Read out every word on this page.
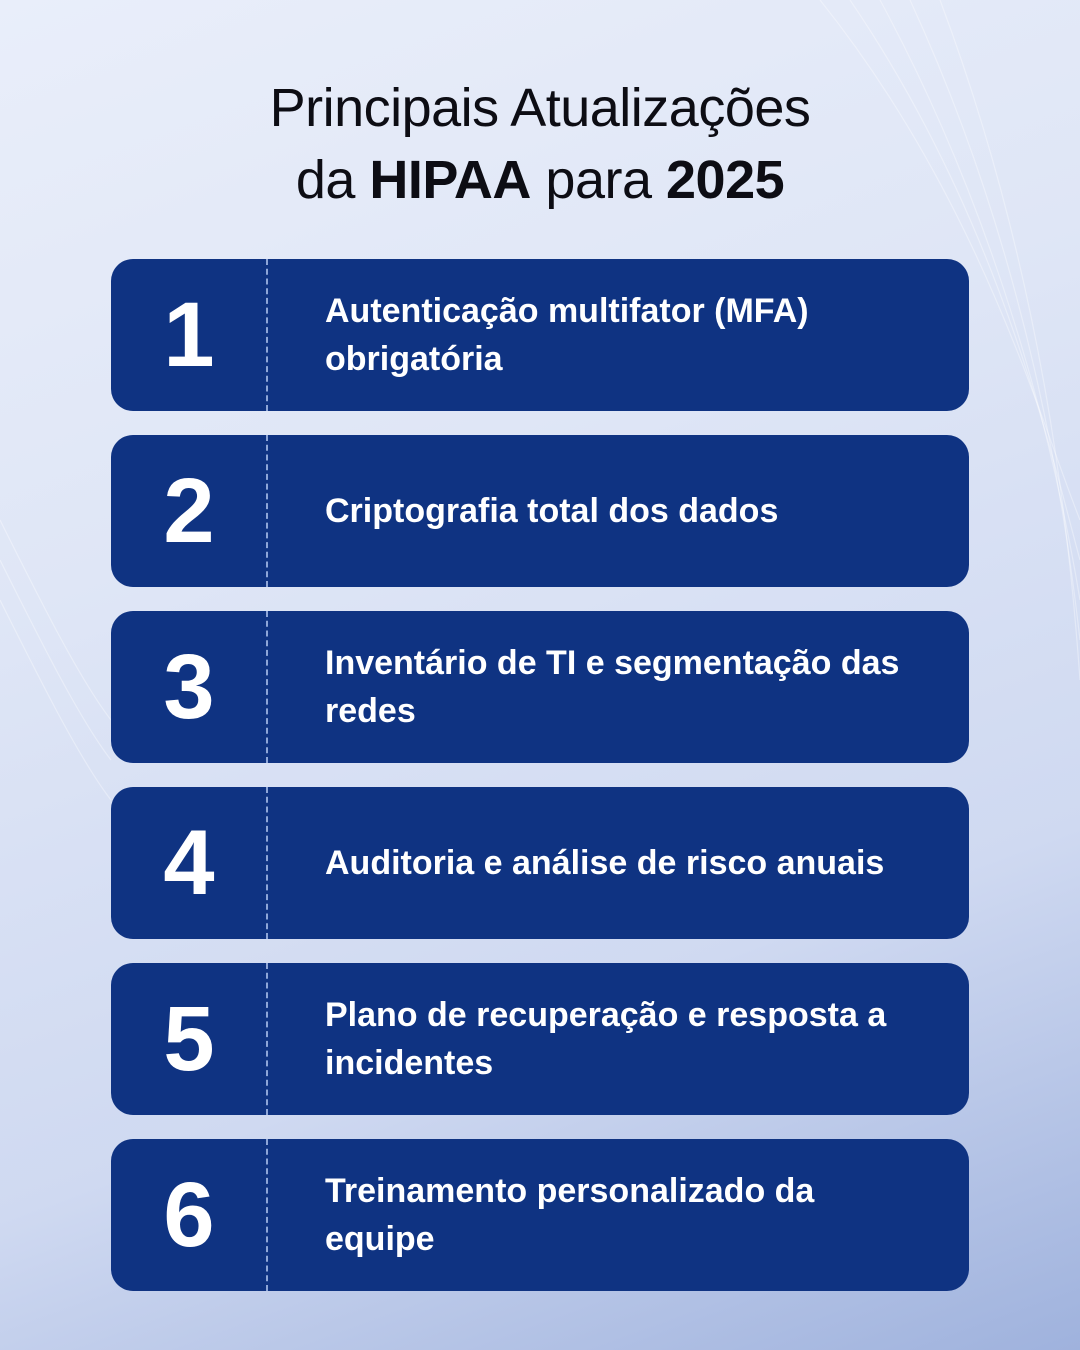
Principais Atualizações
da HIPAA para 2025
1	Autenticação multifator (MFA) obrigatória
2	Criptografia total dos dados
3	Inventário de TI e segmentação das redes
4	Auditoria e análise de risco anuais
5	Plano de recuperação e resposta a incidentes
6	Treinamento personalizado da equipe
